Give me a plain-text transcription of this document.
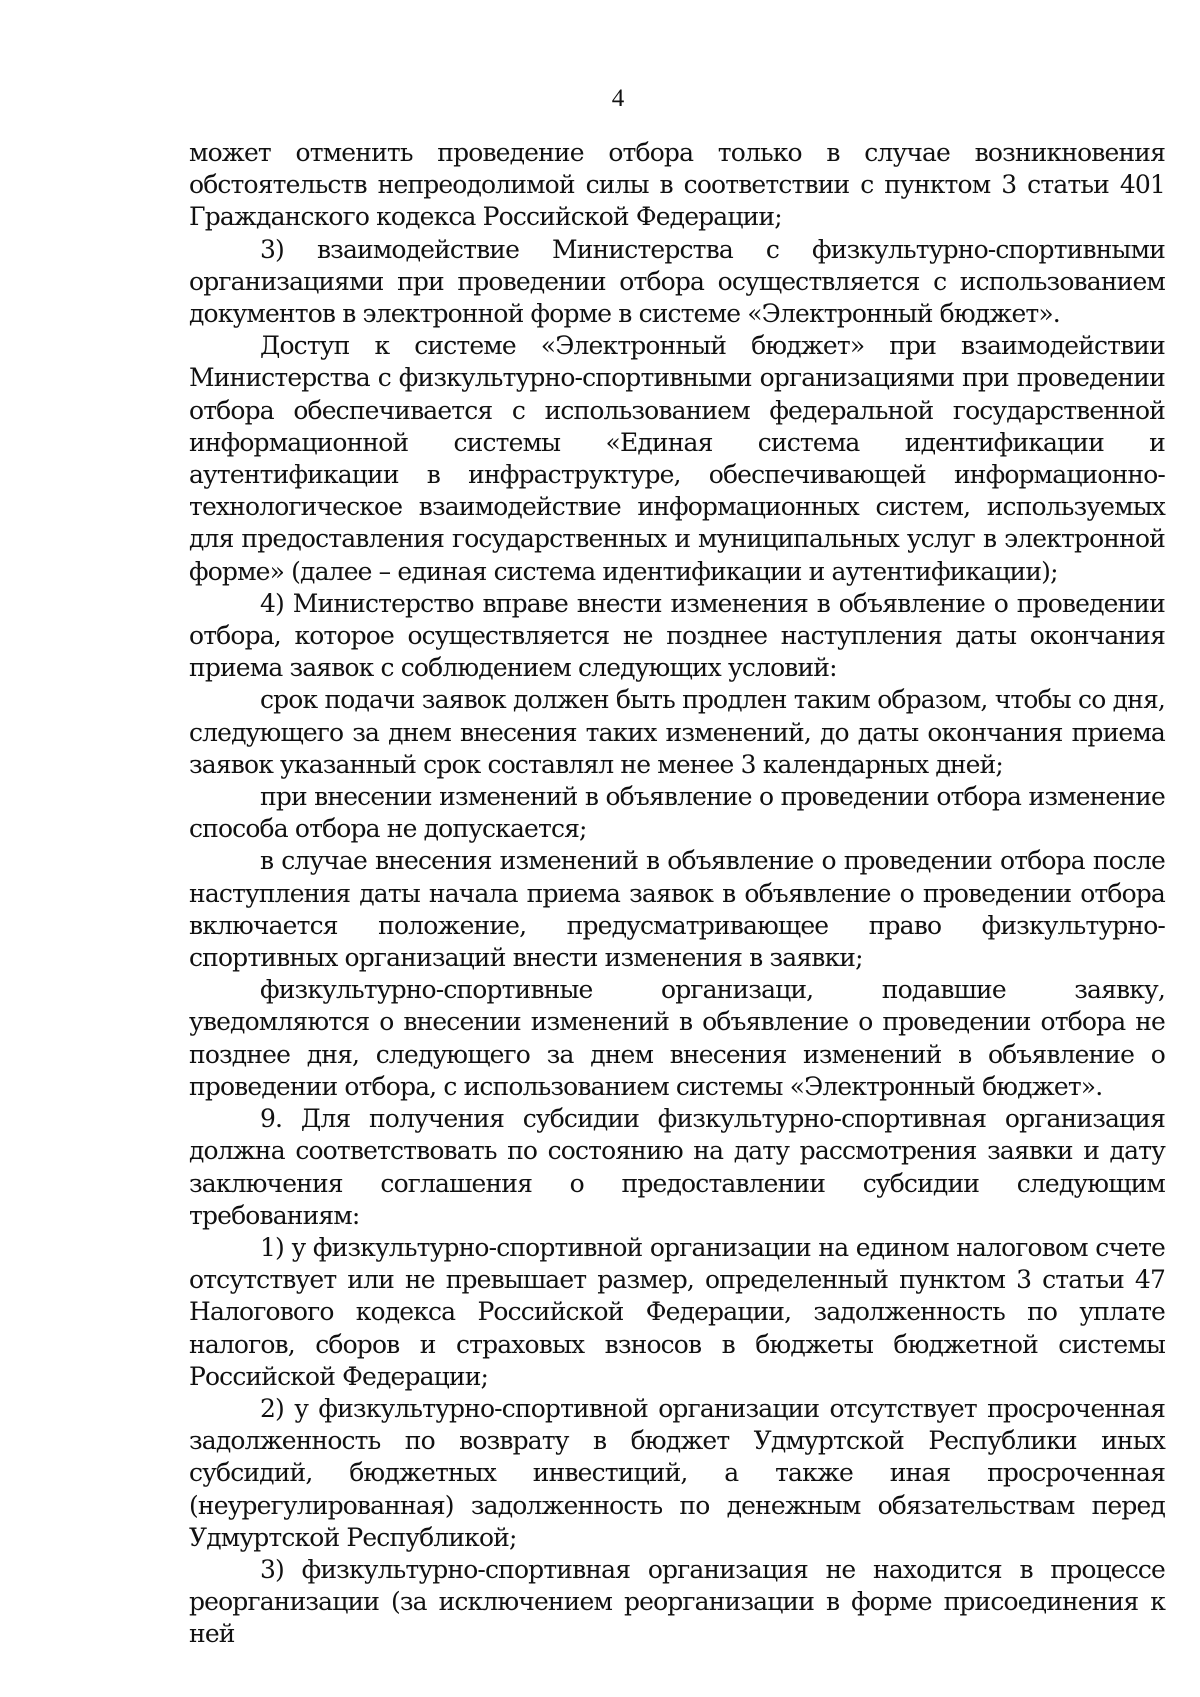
4

может отменить проведение отбора только в случае возникновения обстоятельств непреодолимой силы в соответствии с пунктом 3 статьи 401 Гражданского кодекса Российской Федерации;

3) взаимодействие Министерства с физкультурно-спортивными организациями при проведении отбора осуществляется с использованием документов в электронной форме в системе «Электронный бюджет».

Доступ к системе «Электронный бюджет» при взаимодействии Министерства с физкультурно-спортивными организациями при проведении отбора обеспечивается с использованием федеральной государственной информационной системы «Единая система идентификации и аутентификации в инфраструктуре, обеспечивающей информационно-технологическое взаимодействие информационных систем, используемых для предоставления государственных и муниципальных услуг в электронной форме» (далее – единая система идентификации и аутентификации);

4) Министерство вправе внести изменения в объявление о проведении отбора, которое осуществляется не позднее наступления даты окончания приема заявок с соблюдением следующих условий:

срок подачи заявок должен быть продлен таким образом, чтобы со дня, следующего за днем внесения таких изменений, до даты окончания приема заявок указанный срок составлял не менее 3 календарных дней;

при внесении изменений в объявление о проведении отбора изменение способа отбора не допускается;

в случае внесения изменений в объявление о проведении отбора после наступления даты начала приема заявок в объявление о проведении отбора включается положение, предусматривающее право физкультурно-спортивных организаций внести изменения в заявки;

физкультурно-спортивные организаци, подавшие заявку, уведомляются о внесении изменений в объявление о проведении отбора не позднее дня, следующего за днем внесения изменений в объявление о проведении отбора, с использованием системы «Электронный бюджет».

9. Для получения субсидии физкультурно-спортивная организация должна соответствовать по состоянию на дату рассмотрения заявки и дату заключения соглашения о предоставлении субсидии следующим требованиям:

1) у физкультурно-спортивной организации на едином налоговом счете отсутствует или не превышает размер, определенный пунктом 3 статьи 47 Налогового кодекса Российской Федерации, задолженность по уплате налогов, сборов и страховых взносов в бюджеты бюджетной системы Российской Федерации;

2) у физкультурно-спортивной организации отсутствует просроченная задолженность по возврату в бюджет Удмуртской Республики иных субсидий, бюджетных инвестиций, а также иная просроченная (неурегулированная) задолженность по денежным обязательствам перед Удмуртской Республикой;

3) физкультурно-спортивная организация не находится в процессе реорганизации (за исключением реорганизации в форме присоединения к ней
